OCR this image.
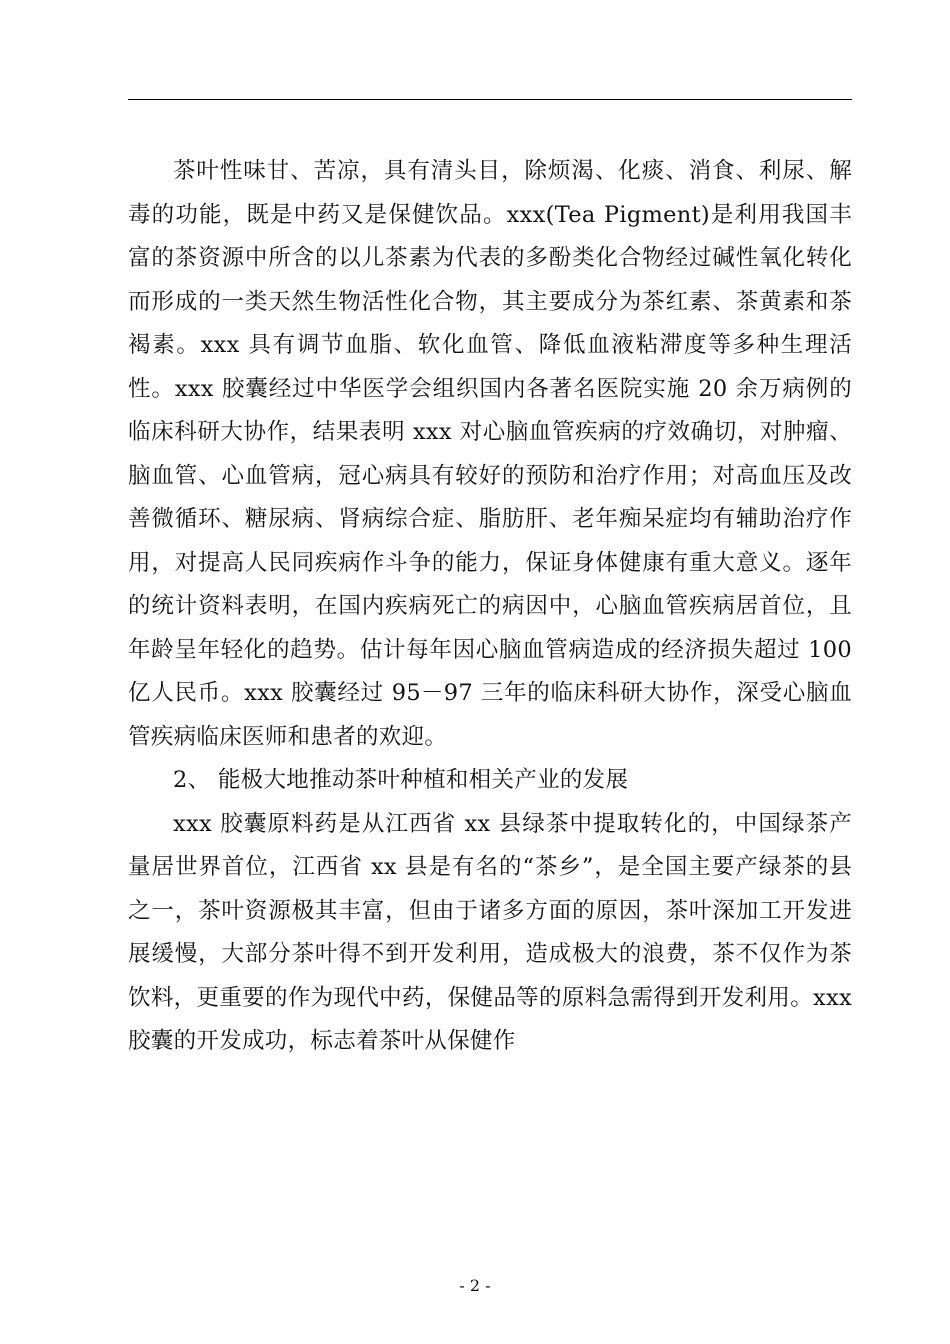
茶叶性味甘、苦凉，具有清头目，除烦渴、化痰、消食、利尿、解毒的功能，既是中药又是保健饮品。xxx(Tea Pigment)是利用我国丰富的茶资源中所含的以儿茶素为代表的多酚类化合物经过碱性氧化转化而形成的一类天然生物活性化合物，其主要成分为茶红素、茶黄素和茶褐素。xxx 具有调节血脂、软化血管、降低血液粘滞度等多种生理活性。xxx 胶囊经过中华医学会组织国内各著名医院实施 20 余万病例的临床科研大协作，结果表明 xxx 对心脑血管疾病的疗效确切，对肿瘤、脑血管、心血管病，冠心病具有较好的预防和治疗作用；对高血压及改善微循环、糖尿病、肾病综合症、脂肪肝、老年痴呆症均有辅助治疗作用，对提高人民同疾病作斗争的能力，保证身体健康有重大意义。逐年的统计资料表明，在国内疾病死亡的病因中，心脑血管疾病居首位，且年龄呈年轻化的趋势。估计每年因心脑血管病造成的经济损失超过 100 亿人民币。xxx 胶囊经过 95－97 三年的临床科研大协作，深受心脑血管疾病临床医师和患者的欢迎。

2、 能极大地推动茶叶种植和相关产业的发展

xxx 胶囊原料药是从江西省 xx 县绿茶中提取转化的，中国绿茶产量居世界首位，江西省 xx 县是有名的“茶乡”，是全国主要产绿茶的县之一，茶叶资源极其丰富，但由于诸多方面的原因，茶叶深加工开发进展缓慢，大部分茶叶得不到开发利用，造成极大的浪费，茶不仅作为茶饮料，更重要的作为现代中药，保健品等的原料急需得到开发利用。xxx 胶囊的开发成功，标志着茶叶从保健作

- 2 -
